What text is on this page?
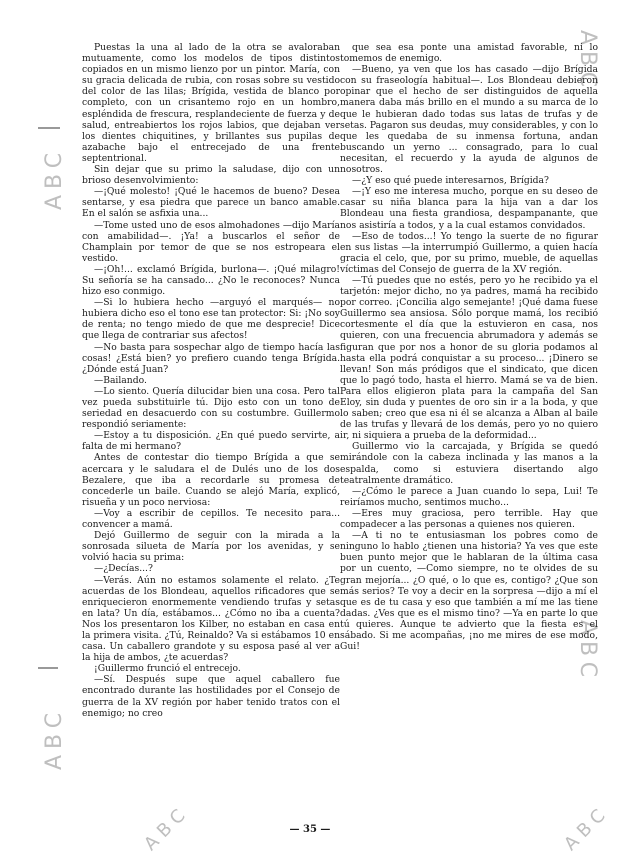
ABC
ABC
ABC
ABC
ABC	ABC

Puestas la una al lado de la otra se avaloraban mutuamente, como los modelos de tipos distintos copiados en un mismo lienzo por un pintor. María, con su gracia delicada de rubia, con rosas sobre su vestido del color de las lilas; Brígida, vestida de blanco por completo, con un crisantemo rojo en un hombro, espléndida de frescura, resplandeciente de fuerza y de salud, entreabiertos los rojos labios, que dejaban ver los dientes chiquitines, y brillantes sus pupilas de azabache bajo el entrecejado de una frente septentrional.

Sin dejar que su primo la saludase, dijo con un brioso desenvolvimiento:

—¡Qué molesto! ¡Qué le hacemos de bueno? Desea sentarse, y esa piedra que parece un banco amable. En el salón se asfixia una...

—Tome usted uno de esos almohadones —dijo María con amabilidad—. ¡Ya! a buscarlos el señor de Champlain por temor de que se nos estropeara el vestido.

—¡Oh!... exclamó Brígida, burlona—. ¡Qué milagro! Su señoría se ha cansado... ¿No le reconoces? Nunca hizo eso conmigo.

—Si lo hubiera hecho —arguyó el marqués— no hubiera dicho eso el tono ese tan protector: Si: ¡No soy de renta; no tengo miedo de que me desprecie! Dice que llega de contrariar sus afectos!

—No basta para sospechar algo de tiempo hacía las cosas! ¿Está bien? yo prefiero cuando tenga Brígida. ¿Dónde está Juan?

—Bailando.

—Lo siento. Quería dilucidar bien una cosa. Pero tal vez pueda substituirle tú. Dijo esto con un tono de seriedad en desacuerdo con su costumbre. Guillermo respondió seriamente:

—Estoy a tu disposición. ¿En qué puedo servirte, a falta de mi hermano?

Antes de contestar dio tiempo Brígida a que se acercara y le saludara el de Dulés uno de los dos Bezalere, que iba a recordarle su promesa de concederle un baile. Cuando se alejó María, explicó, risueña y un poco nerviosa:

—Voy a escribir de cepillos. Te necesito para... convencer a mamá.

Dejó Guillermo de seguir con la mirada a la sonrosada silueta de María por los avenidas, y se volvió hacia su prima:

—¿Decías...?

—Verás. Aún no estamos solamente el relato. ¿Te acuerdas de los Blondeau, aquellos rificadores que se enriquecieron enormemente vendiendo trufas y setas en lata? Un día, estábamos... ¿Cómo no iba a cuenta? Nos los presentaron los Kilber, no estaban en casa en la primera visita. ¿Tú, Reinaldo? Va si estábamos 10 en casa. Un caballero grandote y su esposa pasé al ver a la hija de ambos, ¿te acuerdas?

¡Guillermo frunció el entrecejo.

—Sí. Después supe que aquel caballero fue encontrado durante las hostilidades por el Consejo de guerra de la XV región por haber tenido tratos con el enemigo; no creo

que sea esa ponte una amistad favorable, ni lo tomemos de enemigo.

—Bueno, ya ven que los has casado —dijo Brígida con su fraseología habitual—. Los Blondeau debieron opinar que el hecho de ser distinguidos de aquella manera daba más brillo en el mundo a su marca de lo que le hubieran dado todas sus latas de trufas y de setas. Pagaron sus deudas, muy considerables, y con lo que les quedaba de su inmensa fortuna, andan buscando un yerno ... consagrado, para lo cual necesitan, el recuerdo y la ayuda de algunos de nosotros.

—¿Y eso qué puede interesarnos, Brígida?

—¡Y eso me interesa mucho, porque en su deseo de casar su niña blanca para la hija van a dar los Blondeau una fiesta grandiosa, despampanante, que nos asistiría a todos, y a la cual estamos convidados.

—Eso de todos...! Yo tengo la suerte de no figurar en sus listas —la interrumpió Guillermo, a quien hacía gracia el celo, que, por su primo, mueble, de aquellas víctimas del Consejo de guerra de la XV región.

—Tú puedes que no estés, pero yo he recibido ya el tarjetón: mejor dicho, no ya padres, mamá ha recibido por correo. ¡Concilia algo semejante! ¡Qué dama fuese Guillermo sea ansiosa. Sólo porque mamá, los recibió cortesmente el día que la estuvieron en casa, nos quieren, con una frecuencia abrumadora y además se figuran que por nos a honor de su gloria podamos al hasta ella podrá conquistar a su proceso... ¡Dinero se llevan! Son más pródigos que el sindicato, que dicen que lo pagó todo, hasta el hierro. Mamá se va de bien. Para ellos eligieron plata para la campaña del San Eloy, sin duda y puentes de oro sin ir a la boda, y que lo saben; creo que esa ni él se alcanza a Alban al baile de las trufas y llevará de los demás, pero yo no quiero ir, ni siquiera a prueba de la deformidad...

Guillermo vio la carcajada, y Brígida se quedó mirándole con la cabeza inclinada y las manos a la espalda, como si estuviera disertando algo teatralmente dramático.

—¿Cómo le parece a Juan cuando lo sepa, Lui! Te reiríamos mucho, sentimos mucho...

—Eres muy graciosa, pero terrible. Hay que compadecer a las personas a quienes nos quieren.

—A ti no te entusiasman los pobres como de ninguno lo hablo ¿tienen una historia? Ya ves que este buen punto mejor que le hablaran de la última casa por un cuento, —Como siempre, no te olvides de su gran mejoría... ¿O qué, o lo que es, contigo? ¿Que son más serios? Te voy a decir en la sorpresa —dijo a mí el que es de tu casa y eso que también a mí me las tiene dadas. ¿Ves que es el mismo tino? —Ya en parte lo que tú quieres. Aunque te advierto que la fiesta es el sábado. Si me acompañas, ¡no me mires de ese modo, Gui!

— 35 —
